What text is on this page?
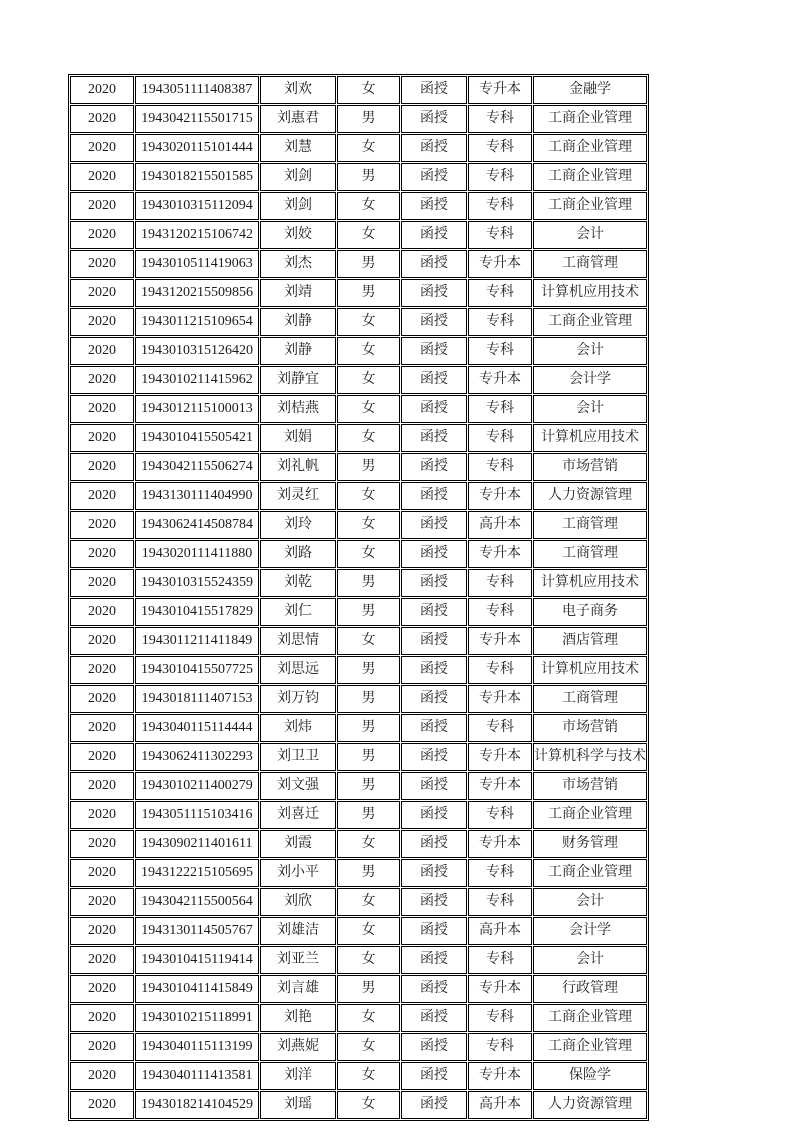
2020	1943051111408387	刘欢	女	函授	专升本	金融学
2020	1943042115501715	刘惠君	男	函授	专科	工商企业管理
2020	1943020115101444	刘慧	女	函授	专科	工商企业管理
2020	1943018215501585	刘剑	男	函授	专科	工商企业管理
2020	1943010315112094	刘剑	女	函授	专科	工商企业管理
2020	1943120215106742	刘姣	女	函授	专科	会计
2020	1943010511419063	刘杰	男	函授	专升本	工商管理
2020	1943120215509856	刘靖	男	函授	专科	计算机应用技术
2020	1943011215109654	刘静	女	函授	专科	工商企业管理
2020	1943010315126420	刘静	女	函授	专科	会计
2020	1943010211415962	刘静宜	女	函授	专升本	会计学
2020	1943012115100013	刘桔燕	女	函授	专科	会计
2020	1943010415505421	刘娟	女	函授	专科	计算机应用技术
2020	1943042115506274	刘礼帆	男	函授	专科	市场营销
2020	1943130111404990	刘灵红	女	函授	专升本	人力资源管理
2020	1943062414508784	刘玲	女	函授	高升本	工商管理
2020	1943020111411880	刘路	女	函授	专升本	工商管理
2020	1943010315524359	刘乾	男	函授	专科	计算机应用技术
2020	1943010415517829	刘仁	男	函授	专科	电子商务
2020	1943011211411849	刘思情	女	函授	专升本	酒店管理
2020	1943010415507725	刘思远	男	函授	专科	计算机应用技术
2020	1943018111407153	刘万钧	男	函授	专升本	工商管理
2020	1943040115114444	刘炜	男	函授	专科	市场营销
2020	1943062411302293	刘卫卫	男	函授	专升本	计算机科学与技术
2020	1943010211400279	刘文强	男	函授	专升本	市场营销
2020	1943051115103416	刘喜迁	男	函授	专科	工商企业管理
2020	1943090211401611	刘霞	女	函授	专升本	财务管理
2020	1943122215105695	刘小平	男	函授	专科	工商企业管理
2020	1943042115500564	刘欣	女	函授	专科	会计
2020	1943130114505767	刘雄洁	女	函授	高升本	会计学
2020	1943010415119414	刘亚兰	女	函授	专科	会计
2020	1943010411415849	刘言雄	男	函授	专升本	行政管理
2020	1943010215118991	刘艳	女	函授	专科	工商企业管理
2020	1943040115113199	刘燕妮	女	函授	专科	工商企业管理
2020	1943040111413581	刘洋	女	函授	专升本	保险学
2020	1943018214104529	刘瑶	女	函授	高升本	人力资源管理
